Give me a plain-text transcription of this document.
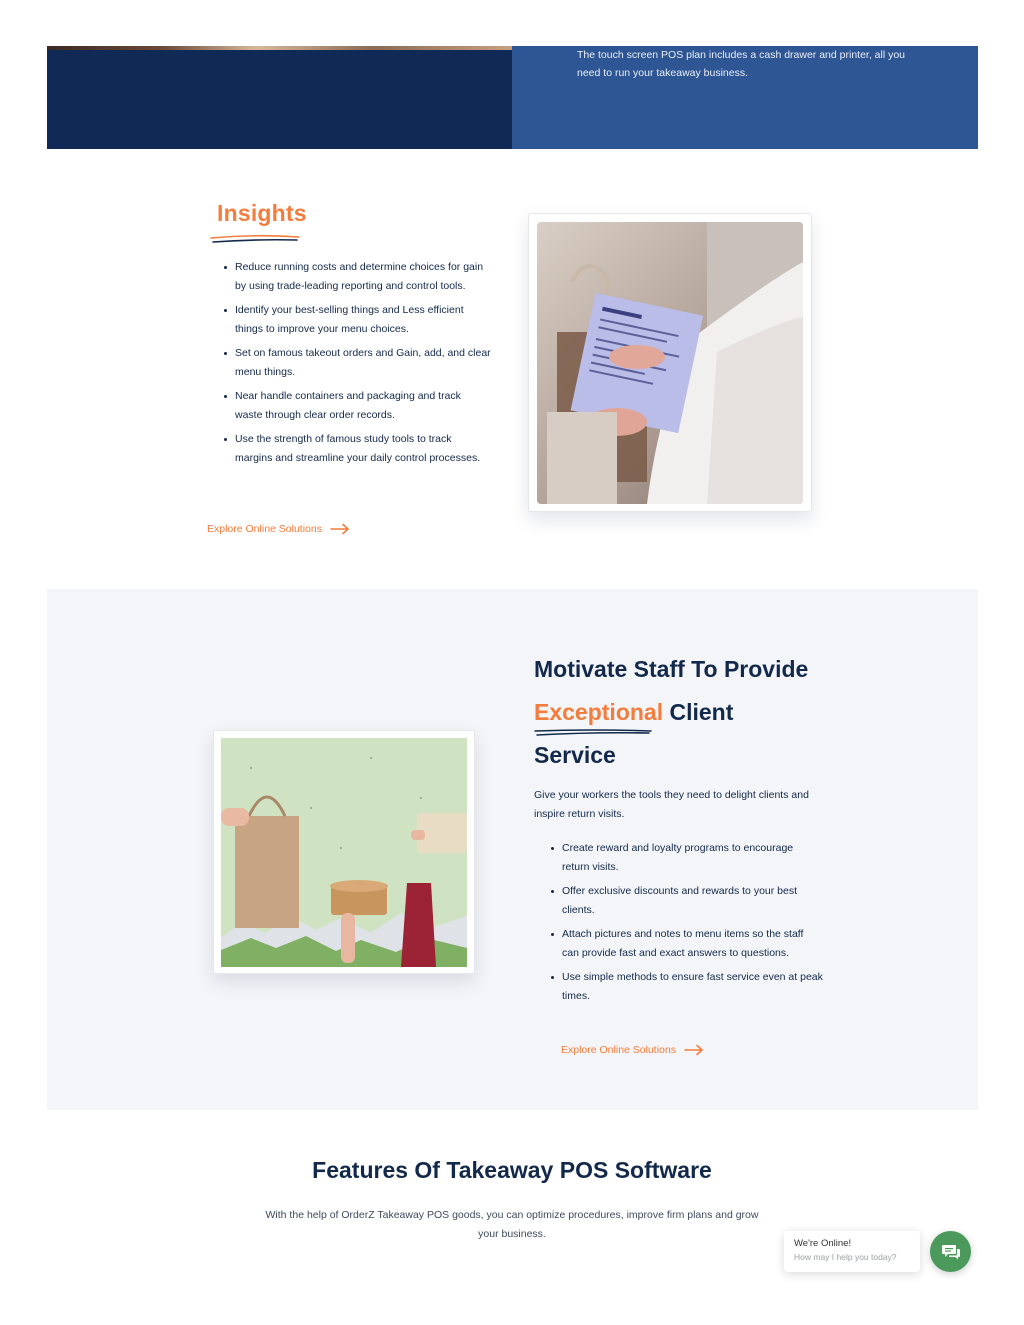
The touch screen POS plan includes a cash drawer and printer, all you need to run your takeaway business.

Insights
Reduce running costs and determine choices for gain by using trade-leading reporting and control tools.
Identify your best-selling things and Less efficient things to improve your menu choices.
Set on famous takeout orders and Gain, add, and clear menu things.
Near handle containers and packaging and track waste through clear order records.
Use the strength of famous study tools to track margins and streamline your daily control processes.
Explore Online Solutions
Motivate Staff To Provide
Exceptional Client
Service

Give your workers the tools they need to delight clients and inspire return visits.

Create reward and loyalty programs to encourage return visits.
Offer exclusive discounts and rewards to your best clients.
Attach pictures and notes to menu items so the staff can provide fast and exact answers to questions.
Use simple methods to ensure fast service even at peak times.
Explore Online Solutions
Features Of Takeaway POS Software

With the help of OrderZ Takeaway POS goods, you can optimize procedures, improve firm plans and grow your business.

We're Online!
How may I help you today?
